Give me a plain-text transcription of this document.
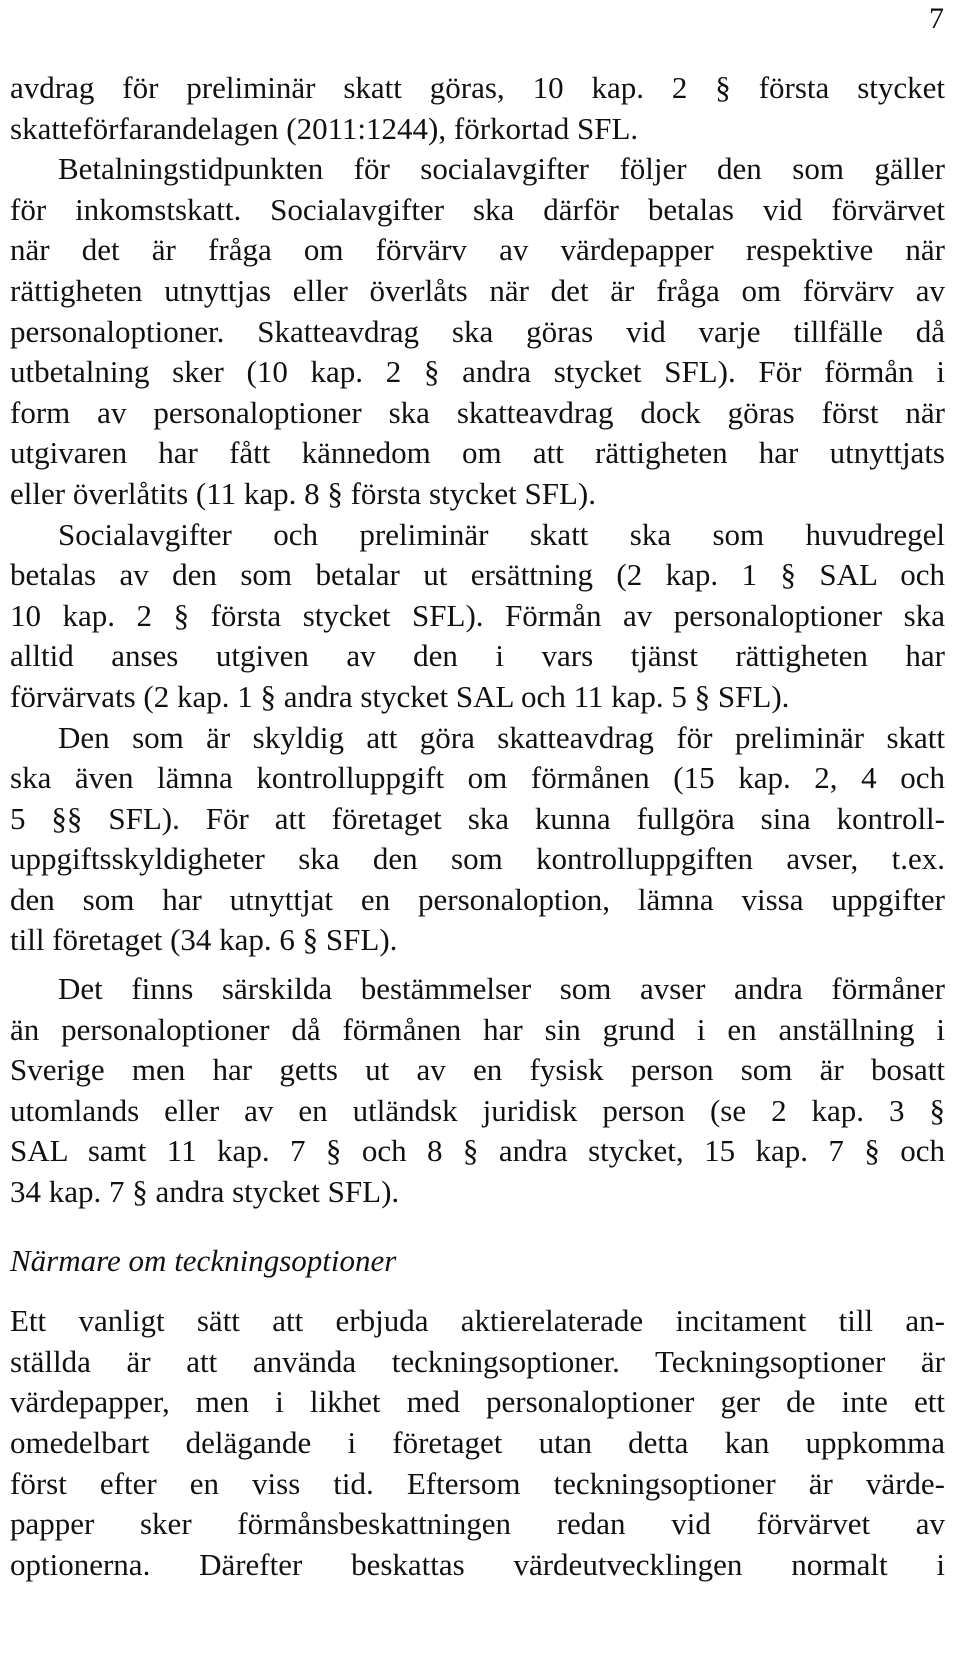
7
avdrag för preliminär skatt göras, 10 kap. 2 § första stycket
skatteförfarandelagen (2011:1244), förkortad SFL.
Betalningstidpunkten för socialavgifter följer den som gäller
för inkomstskatt. Socialavgifter ska därför betalas vid förvärvet
när det är fråga om förvärv av värdepapper respektive när
rättigheten utnyttjas eller överlåts när det är fråga om förvärv av
personaloptioner. Skatteavdrag ska göras vid varje tillfälle då
utbetalning sker (10 kap. 2 § andra stycket SFL). För förmån i
form av personaloptioner ska skatteavdrag dock göras först när
utgivaren har fått kännedom om att rättigheten har utnyttjats
eller överlåtits (11 kap. 8 § första stycket SFL).
Socialavgifter och preliminär skatt ska som huvudregel
betalas av den som betalar ut ersättning (2 kap. 1 § SAL och
10 kap. 2 § första stycket SFL). Förmån av personaloptioner ska
alltid anses utgiven av den i vars tjänst rättigheten har
förvärvats (2 kap. 1 § andra stycket SAL och 11 kap. 5 § SFL).
Den som är skyldig att göra skatteavdrag för preliminär skatt
ska även lämna kontrolluppgift om förmånen (15 kap. 2, 4 och
5 §§ SFL). För att företaget ska kunna fullgöra sina kontroll-
uppgiftsskyldigheter ska den som kontrolluppgiften avser, t.ex.
den som har utnyttjat en personaloption, lämna vissa uppgifter
till företaget (34 kap. 6 § SFL).
Det finns särskilda bestämmelser som avser andra förmåner
än personaloptioner då förmånen har sin grund i en anställning i
Sverige men har getts ut av en fysisk person som är bosatt
utomlands eller av en utländsk juridisk person (se 2 kap. 3 §
SAL samt 11 kap. 7 § och 8 § andra stycket, 15 kap. 7 § och
34 kap. 7 § andra stycket SFL).
Närmare om teckningsoptioner
Ett vanligt sätt att erbjuda aktierelaterade incitament till an-
ställda är att använda teckningsoptioner. Teckningsoptioner är
värdepapper, men i likhet med personaloptioner ger de inte ett
omedelbart delägande i företaget utan detta kan uppkomma
först efter en viss tid. Eftersom teckningsoptioner är värde-
papper sker förmånsbeskattningen redan vid förvärvet av
optionerna. Därefter beskattas värdeutvecklingen normalt i
